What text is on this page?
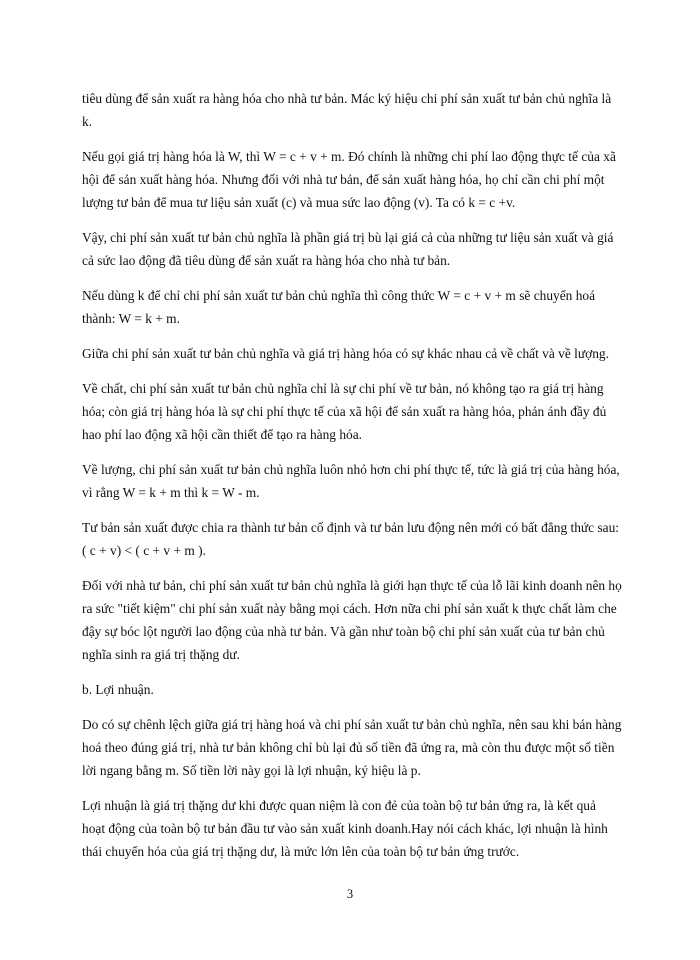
tiêu dùng để sản xuất ra hàng hóa cho nhà tư bản. Mác ký hiệu chi phí sản xuất tư bản chủ nghĩa là k.

Nếu gọi giá trị hàng hóa là W, thì W = c + v + m. Đó chính là những chi phí lao động thực tế của xã hội để sản xuất hàng hóa. Nhưng đối với nhà tư bản, để sản xuất hàng hóa, họ chỉ cần chi phí một lượng tư bản để mua tư liệu sản xuất (c) và mua sức lao động (v). Ta có k = c +v.

Vậy, chi phí sản xuất tư bản chủ nghĩa là phần giá trị bù lại giá cả của những tư liệu sản xuất và giá cả sức lao động đã tiêu dùng để sản xuất ra hàng hóa cho nhà tư bản.

Nếu dùng k để chỉ chi phí sản xuất tư bản chủ nghĩa thì công thức W = c + v + m sẽ chuyển hoá thành: W = k + m.

Giữa chi phí sản xuất tư bản chủ nghĩa và giá trị hàng hóa có sự khác nhau cả về chất và về lượng.

Về chất, chi phí sản xuất tư bản chủ nghĩa chỉ là sự chi phí về tư bản, nó không tạo ra giá trị hàng hóa; còn giá trị hàng hóa là sự chi phí thực tế của xã hội để sản xuất ra hàng hóa, phản ánh đầy đủ hao phí lao động xã hội cần thiết để tạo ra hàng hóa.

Về lượng, chi phí sản xuất tư bản chủ nghĩa luôn nhỏ hơn chi phí thực tế, tức là giá trị của hàng hóa, vì rằng W = k + m thì k = W - m.

Tư bản sản xuất được chia ra thành tư bản cố định và tư bản lưu động nên mới có bất đẳng thức sau: ( c + v) < ( c + v + m ).

Đối với nhà tư bản, chi phí sản xuất tư bản chủ nghĩa là giới hạn thực tế của lỗ lãi kinh doanh nên họ ra sức "tiết kiệm" chi phí sản xuất này bằng mọi cách. Hơn nữa chi phí sản xuất k thực chất làm che đậy sự bóc lột người lao động của nhà tư bản. Và gần như toàn bộ chi phí sản xuất của tư bản chủ nghĩa sinh ra giá trị thặng dư.

b. Lợi nhuận.

Do có sự chênh lệch giữa giá trị hàng hoá và chi phí sản xuất tư bản chủ nghĩa, nên sau khi bán hàng hoá theo đúng giá trị, nhà tư bản không chỉ bù lại đủ số tiền đã ứng ra, mà còn thu được một số tiền lời ngang bằng m. Số tiền lời này gọi là lợi nhuận, ký hiệu là p.

Lợi nhuận là giá trị thặng dư khi được quan niệm là con đẻ của toàn bộ tư bản ứng ra, là kết quả hoạt động của toàn bộ tư bản đầu tư vào sản xuất kinh doanh.Hay nói cách khác, lợi nhuận là hình thái chuyển hóa của giá trị thặng dư, là mức lớn lên của toàn bộ tư bản ứng trước.

3
